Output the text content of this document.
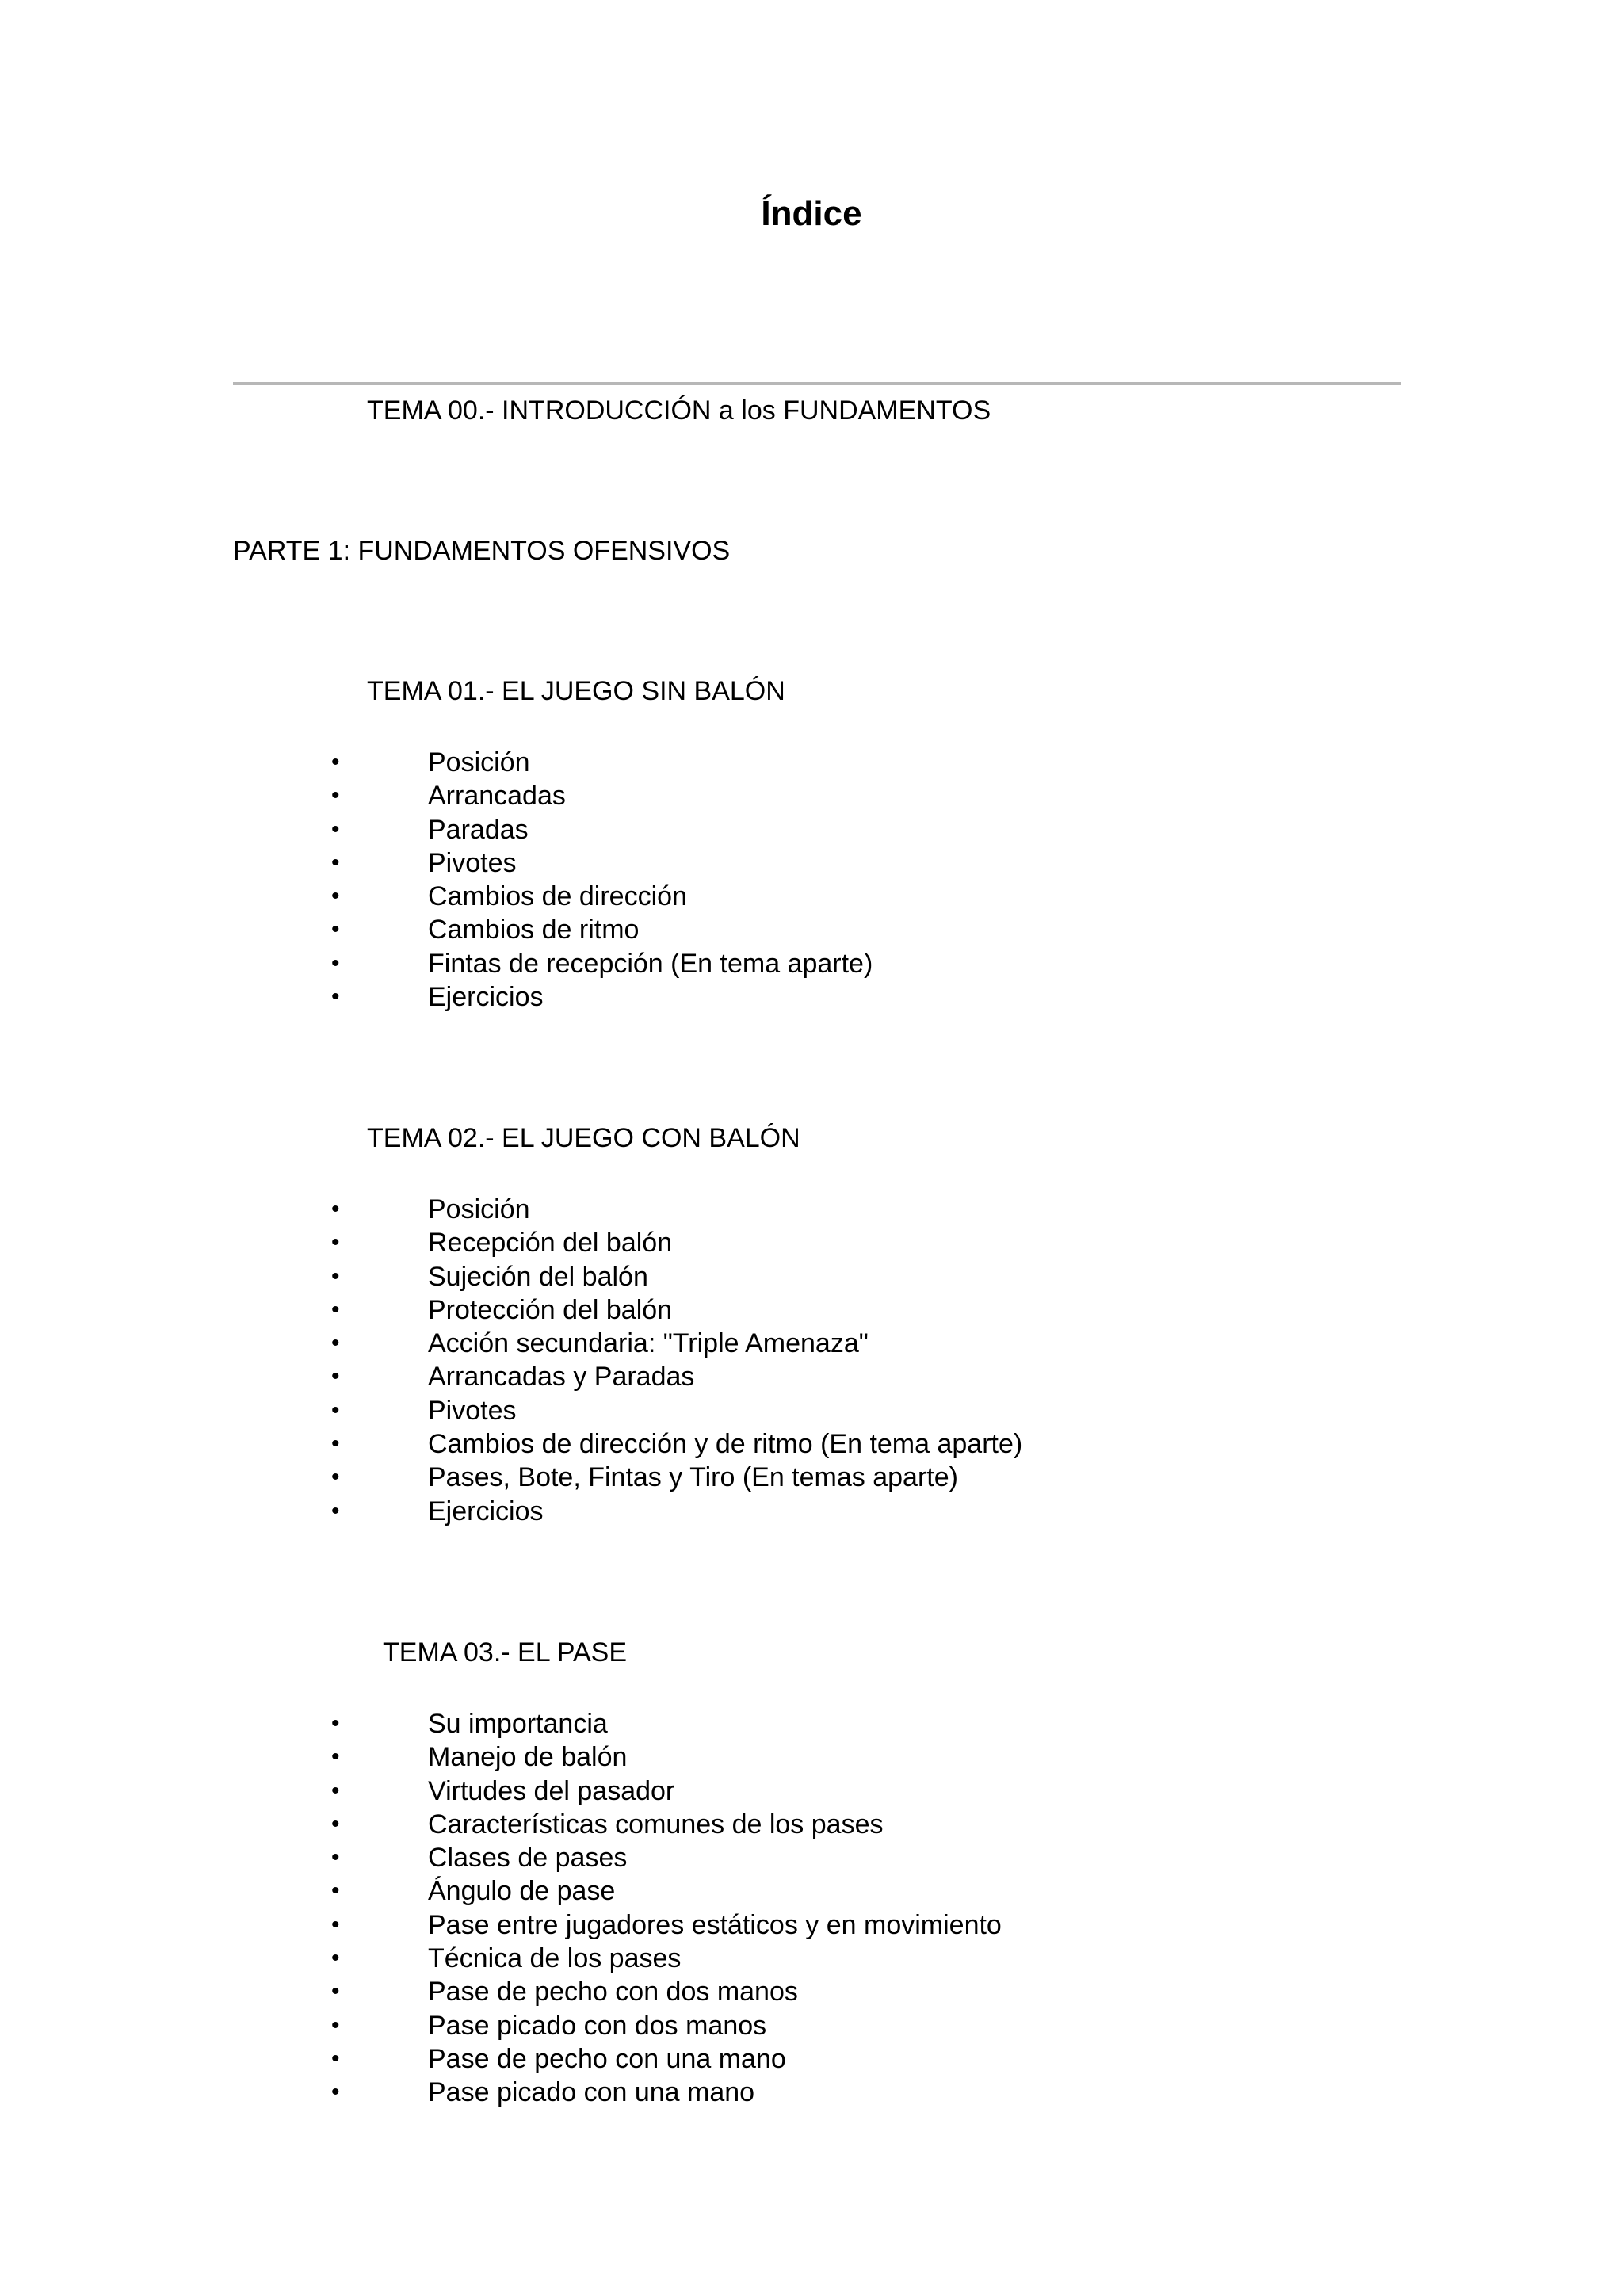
Índice
TEMA 00.- INTRODUCCIÓN a los FUNDAMENTOS
PARTE 1: FUNDAMENTOS OFENSIVOS
TEMA 01.- EL JUEGO SIN BALÓN
•	Posición
•	Arrancadas
•	Paradas
•	Pivotes
•	Cambios de dirección
•	Cambios de ritmo
•	Fintas de recepción (En tema aparte)
•	Ejercicios
TEMA 02.- EL JUEGO CON BALÓN
•	Posición
•	Recepción del balón
•	Sujeción del balón
•	Protección del balón
•	Acción secundaria: "Triple Amenaza"
•	Arrancadas y Paradas
•	Pivotes
•	Cambios de dirección y de ritmo (En tema aparte)
•	Pases, Bote, Fintas y Tiro (En temas aparte)
•	Ejercicios
TEMA 03.- EL PASE
•	Su importancia
•	Manejo de balón
•	Virtudes del pasador
•	Características comunes de los pases
•	Clases de pases
•	Ángulo de pase
•	Pase entre jugadores estáticos y en movimiento
•	Técnica de los pases
•	Pase de pecho con dos manos
•	Pase picado con dos manos
•	Pase de pecho con una mano
•	Pase picado con una mano
